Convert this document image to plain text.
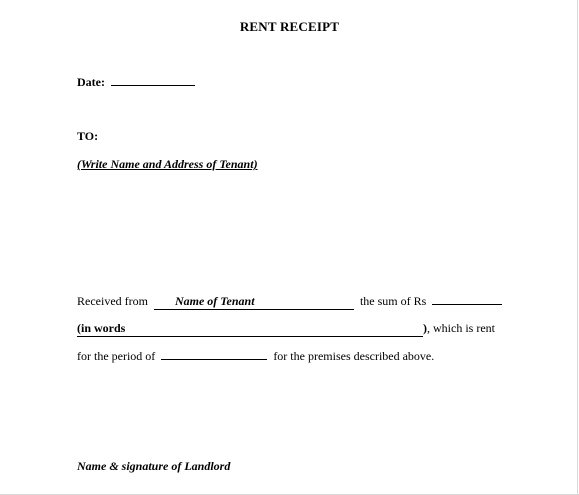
RENT RECEIPT
Date:
TO:
(Write Name and Address of Tenant)
Received from Name of Tenant	the sum of Rs
(in words	), which is rent
for the period of	for the premises described above.
Name & signature of Landlord
